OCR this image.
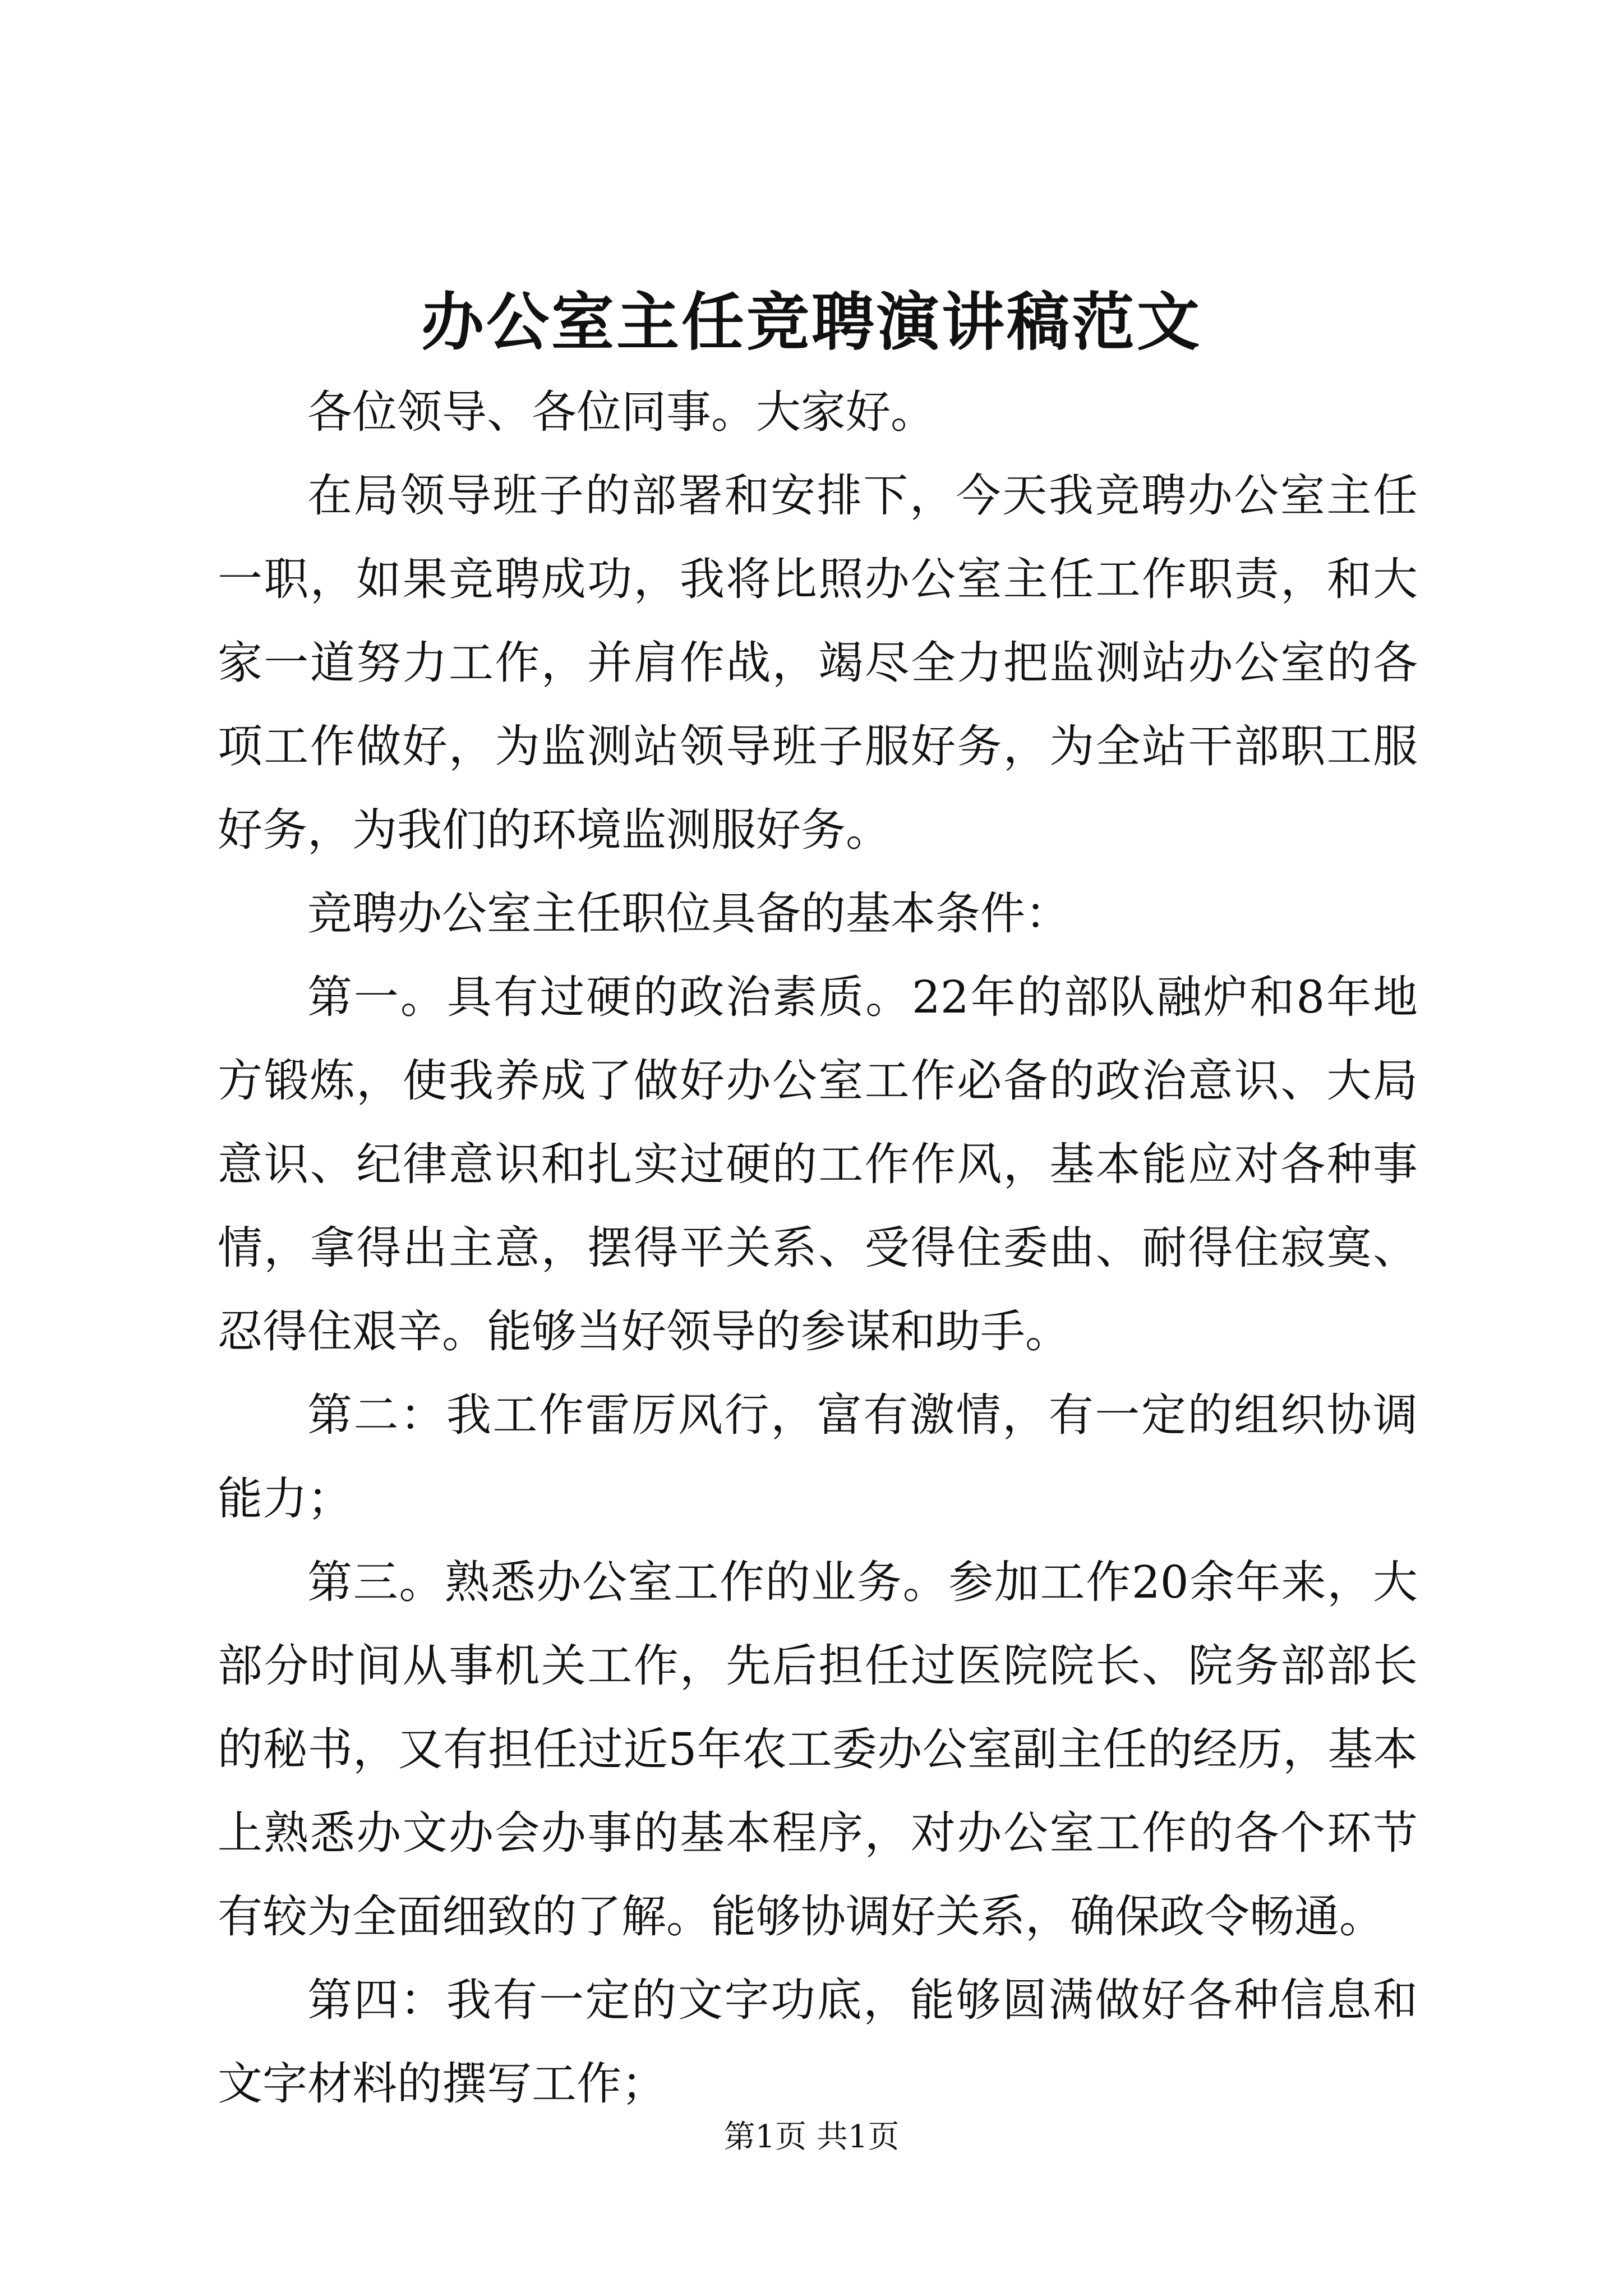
办公室主任竞聘演讲稿范文

各位领导、各位同事。大家好。

在局领导班子的部署和安排下，今天我竞聘办公室主任一职，如果竞聘成功，我将比照办公室主任工作职责，和大家一道努力工作，并肩作战，竭尽全力把监测站办公室的各项工作做好，为监测站领导班子服好务，为全站干部职工服好务，为我们的环境监测服好务。

竞聘办公室主任职位具备的基本条件：

第一。具有过硬的政治素质。22年的部队融炉和8年地方锻炼，使我养成了做好办公室工作必备的政治意识、大局意识、纪律意识和扎实过硬的工作作风，基本能应对各种事情，拿得出主意，摆得平关系、受得住委曲、耐得住寂寞、忍得住艰辛。能够当好领导的参谋和助手。

第二：我工作雷厉风行，富有激情，有一定的组织协调能力；

第三。熟悉办公室工作的业务。参加工作20余年来，大部分时间从事机关工作，先后担任过医院院长、院务部部长的秘书，又有担任过近5年农工委办公室副主任的经历，基本上熟悉办文办会办事的基本程序，对办公室工作的各个环节有较为全面细致的了解。能够协调好关系，确保政令畅通。

第四：我有一定的文字功底，能够圆满做好各种信息和文字材料的撰写工作；

第1页 共1页
